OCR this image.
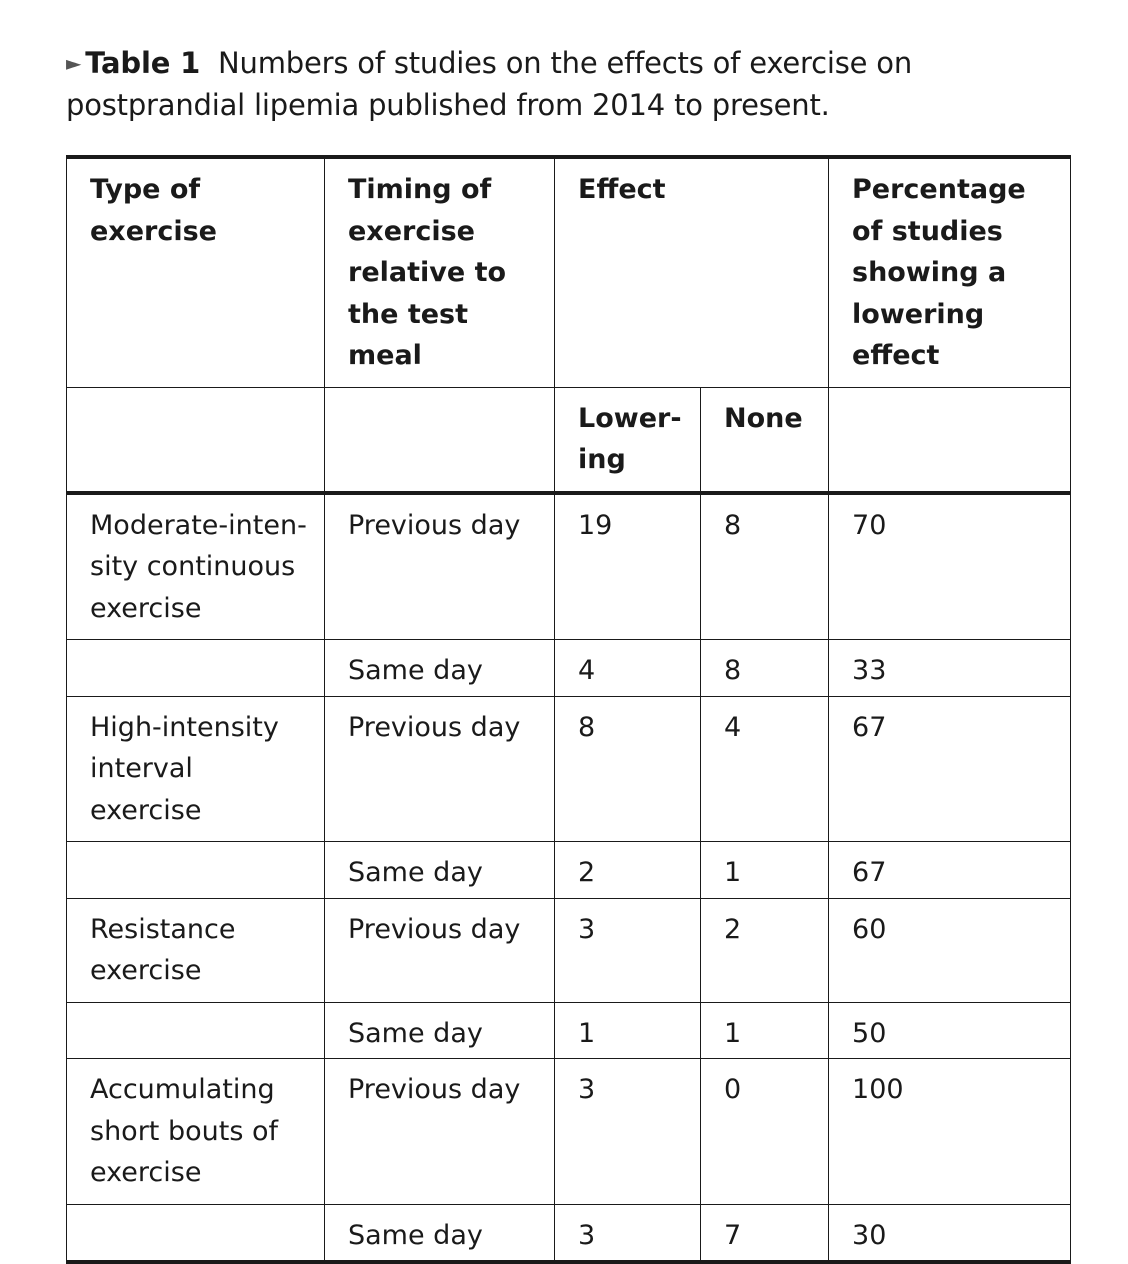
► Table 1 Numbers of studies on the effects of exercise on postprandial lipemia published from 2014 to present.
Type of exercise	Timing of exercise relative to the test meal	Effect		Percentage of studies showing a lowering effect
		Lowering	None	
Moderate-intensity continuous exercise	Previous day	19	8	70
	Same day	4	8	33
High-intensity interval exercise	Previous day	8	4	67
	Same day	2	1	67
Resistance exercise	Previous day	3	2	60
	Same day	1	1	50
Accumulating short bouts of exercise	Previous day	3	0	100
	Same day	3	7	30
